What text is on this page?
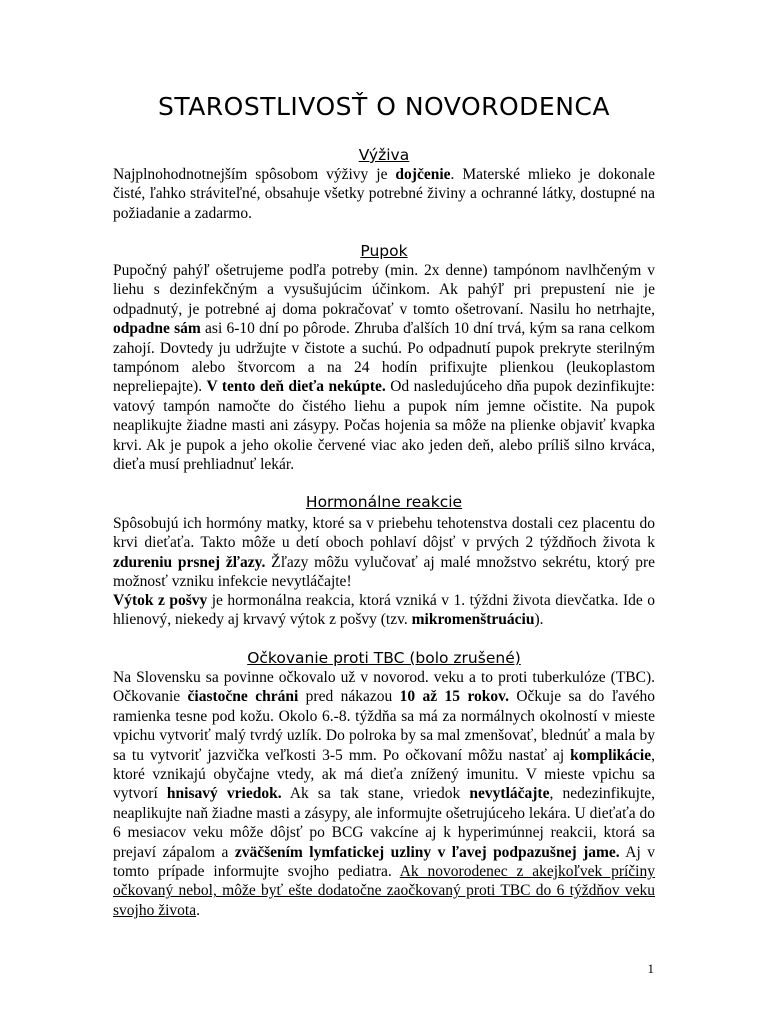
STAROSTLIVOSŤ O NOVORODENCA
Výživa

Najplnohodnotnejším spôsobom výživy je dojčenie. Materské mlieko je dokonale čisté, ľahko stráviteľné, obsahuje všetky potrebné živiny a ochranné látky, dostupné na požiadanie a zadarmo.

Pupok

Pupočný pahýľ ošetrujeme podľa potreby (min. 2x denne) tampónom navlhčeným v liehu s dezinfekčným a vysušujúcim účinkom. Ak pahýľ pri prepustení nie je odpadnutý, je potrebné aj doma pokračovať v tomto ošetrovaní. Nasilu ho netrhajte, odpadne sám asi 6-10 dní po pôrode. Zhruba ďalších 10 dní trvá, kým sa rana celkom zahojí. Dovtedy ju udržujte v čistote a suchú. Po odpadnutí pupok prekryte sterilným tampónom alebo štvorcom a na 24 hodín prifixujte plienkou (leukoplastom nepreliepajte). V tento deň dieťa nekúpte. Od nasledujúceho dňa pupok dezinfikujte: vatový tampón namočte do čistého liehu a pupok ním jemne očistite. Na pupok neaplikujte žiadne masti ani zásypy. Počas hojenia sa môže na plienke objaviť kvapka krvi. Ak je pupok a jeho okolie červené viac ako jeden deň, alebo príliš silno krváca, dieťa musí prehliadnuť lekár.

Hormonálne reakcie

Spôsobujú ich hormóny matky, ktoré sa v priebehu tehotenstva dostali cez placentu do krvi dieťaťa. Takto môže u detí oboch pohlaví dôjsť v prvých 2 týždňoch života k zdureniu prsnej žľazy. Žľazy môžu vylučovať aj malé množstvo sekrétu, ktorý pre možnosť vzniku infekcie nevytláčajte!

Výtok z pošvy je hormonálna reakcia, ktorá vzniká v 1. týždni života dievčatka. Ide o hlienový, niekedy aj krvavý výtok z pošvy (tzv. mikromenštruáciu).

Očkovanie proti TBC (bolo zrušené)

Na Slovensku sa povinne očkovalo už v novorod. veku a to proti tuberkulóze (TBC). Očkovanie čiastočne chráni pred nákazou 10 až 15 rokov. Očkuje sa do ľavého ramienka tesne pod kožu. Okolo 6.-8. týždňa sa má za normálnych okolností v mieste vpichu vytvoriť malý tvrdý uzlík. Do polroka by sa mal zmenšovať, blednúť a mala by sa tu vytvoriť jazvička veľkosti 3-5 mm. Po očkovaní môžu nastať aj komplikácie, ktoré vznikajú obyčajne vtedy, ak má dieťa znížený imunitu. V mieste vpichu sa vytvorí hnisavý vriedok. Ak sa tak stane, vriedok nevytláčajte, nedezinfikujte, neaplikujte naň žiadne masti a zásypy, ale informujte ošetrujúceho lekára. U dieťaťa do 6 mesiacov veku môže dôjsť po BCG vakcíne aj k hyperimúnnej reakcii, ktorá sa prejaví zápalom a zväčšením lymfatickej uzliny v ľavej podpazušnej jame. Aj v tomto prípade informujte svojho pediatra. Ak novorodenec z akejkoľvek príčiny očkovaný nebol, môže byť ešte dodatočne zaočkovaný proti TBC do 6 týždňov veku svojho života.

1
